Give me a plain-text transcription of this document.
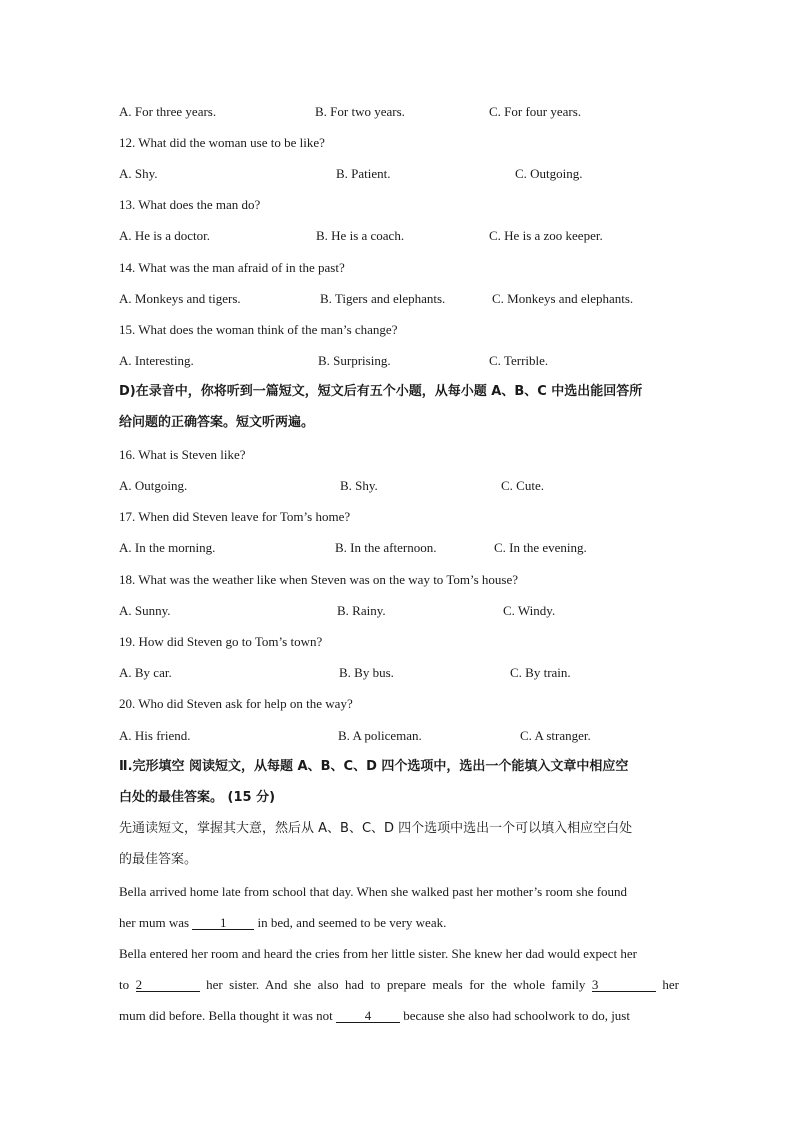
A. For three years.	B. For two years.	C. For four years.
12. What did the woman use to be like?
A. Shy.	B. Patient.	C. Outgoing.
13. What does the man do?
A. He is a doctor.	B. He is a coach.	C. He is a zoo keeper.
14. What was the man afraid of in the past?
A. Monkeys and tigers.	B. Tigers and elephants.	C. Monkeys and elephants.
15. What does the woman think of the man’s change?
A. Interesting.	B. Surprising.	C. Terrible.
D)在录音中，你将听到一篇短文，短文后有五个小题，从每小题 A、B、C 中选出能回答所
给问题的正确答案。短文听两遍。
16. What is Steven like?
A. Outgoing.	B. Shy.	C. Cute.
17. When did Steven leave for Tom’s home?
A. In the morning.	B. In the afternoon.	C. In the evening.
18. What was the weather like when Steven was on the way to Tom’s house?
A. Sunny.	B. Rainy.	C. Windy.
19. How did Steven go to Tom’s town?
A. By car.	B. By bus.	C. By train.
20. Who did Steven ask for help on the way?
A. His friend.	B. A policeman.	C. A stranger.
Ⅱ.完形填空 阅读短文，从每题 A、B、C、D 四个选项中，选出一个能填入文章中相应空
白处的最佳答案。 (15 分)
先通读短文，掌握其大意，然后从 A、B、C、D 四个选项中选出一个可以填入相应空白处
的最佳答案。
Bella arrived home late from school that day. When she walked past her mother’s room she found
her mum was 1 in bed, and seemed to be very weak.
Bella entered her room and heard the cries from her little sister. She knew her dad would expect her
to 2	her sister. And she also had to prepare meals for the whole family 3	her
mum did before. Bella thought it was not 4 because she also had schoolwork to do, just
